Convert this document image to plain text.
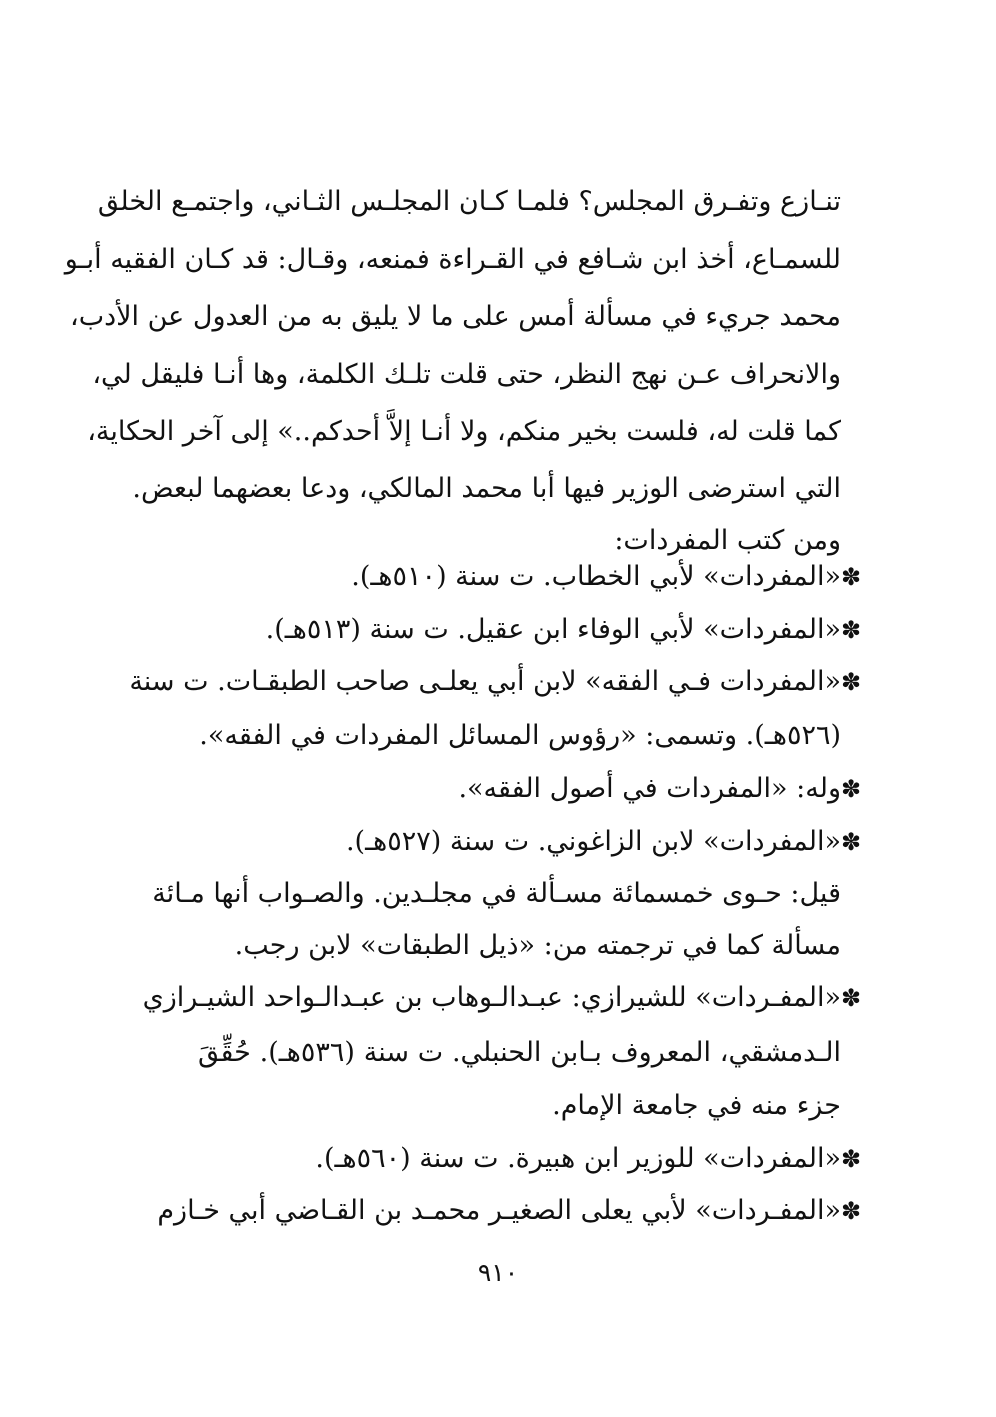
تنـازع وتفـرق المجلس؟ فلمـا كـان المجلـس الثـاني، واجتمـع الخلق
للسمـاع، أخذ ابن شـافع في القـراءة فمنعه، وقـال: قد كـان الفقيه أبـو
محمد جريء في مسألة أمس على ما لا يليق به من العدول عن الأدب،
والانحراف عـن نهج النظر، حتى قلت تلـك الكلمة، وها أنـا فليقل لي،
كما قلت له، فلست بخير منكم، ولا أنـا إلاَّ أحدكم..» إلى آخر الحكاية،
التي استرضى الوزير فيها أبا محمد المالكي، ودعا بعضهما لبعض.
ومن كتب المفردات:
✽
«المفردات» لأبي الخطاب. ت سنة (٥١٠هـ).
✽
«المفردات» لأبي الوفاء ابن عقيل. ت سنة (٥١٣هـ).
✽
«المفردات فـي الفقه» لابن أبي يعلـى صاحب الطبقـات. ت سنة
(٥٢٦هـ). وتسمى: «رؤوس المسائل المفردات في الفقه».
✽
وله: «المفردات في أصول الفقه».
✽
«المفردات» لابن الزاغوني. ت سنة (٥٢٧هـ).
قيل: حـوى خمسمائة مسـألة في مجلـدين. والصـواب أنها مـائة
مسألة كما في ترجمته من: «ذيل الطبقات» لابن رجب.
✽
«المفـردات» للشيرازي: عبـدالـوهاب بن عبـدالـواحد الشيـرازي
الـدمشقي، المعروف بـابن الحنبلي. ت سنة (٥٣٦هـ). حُقِّقَ
جزء منه في جامعة الإمام.
✽
«المفردات» للوزير ابن هبيرة. ت سنة (٥٦٠هـ).
✽
«المفـردات» لأبي يعلى الصغيـر محمـد بن القـاضي أبي خـازم
٩١٠
